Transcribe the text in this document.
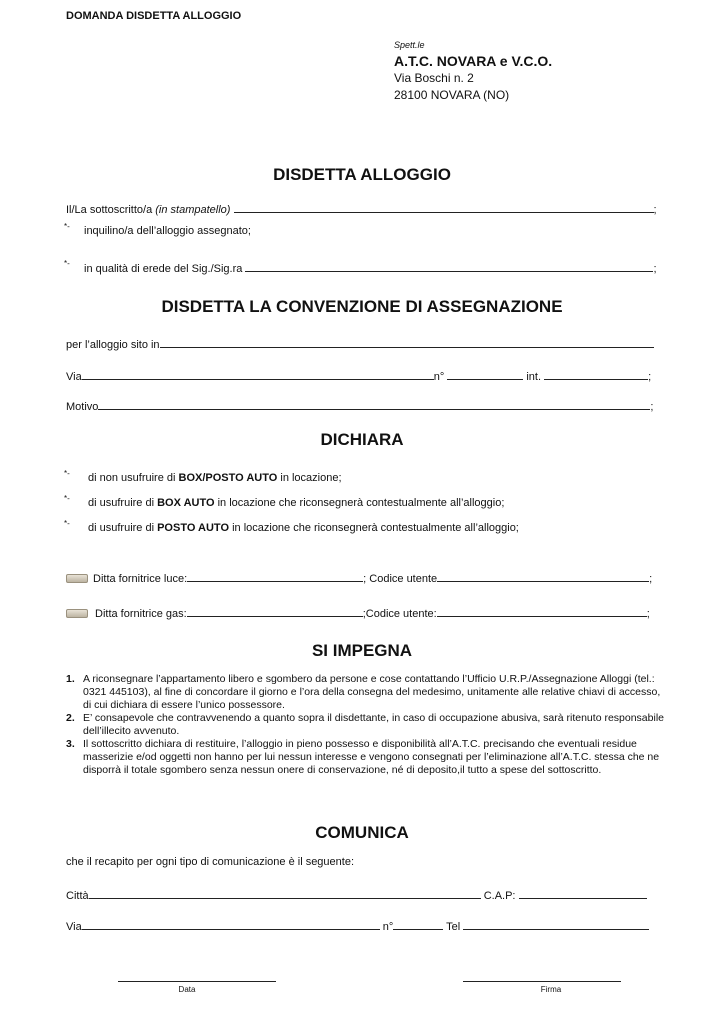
DOMANDA DISDETTA ALLOGGIO
Spett.le
A.T.C. NOVARA e V.C.O.
Via Boschi n. 2
28100 NOVARA (NO)
DISDETTA ALLOGGIO
Il/La sottoscritto/a (in stampatello)	;
*- inquilino/a dell’alloggio assegnato;
*- in qualità di erede del Sig./Sig.ra	;
DISDETTA LA CONVENZIONE DI ASSEGNAZIONE
per l’alloggio sito in
Via	n°	int.	;
Motivo	;
DICHIARA
*- di non usufruire di BOX/POSTO AUTO in locazione;
*- di usufruire di BOX AUTO in locazione che riconsegnerà contestualmente all’alloggio;
*- di usufruire di POSTO AUTO in locazione che riconsegnerà contestualmente all’alloggio;
Ditta fornitrice luce:	; Codice utente	;
Ditta fornitrice gas:	;Codice utente:	;
SI IMPEGNA

1. A riconsegnare l’appartamento libero e sgombero da persone e cose contattando l’Ufficio U.R.P./Assegnazione Alloggi (tel.: 0321 445103), al fine di concordare il giorno e l’ora della consegna del medesimo, unitamente alle relative chiavi di accesso, di cui dichiara di essere l’unico possessore.

2. E’ consapevole che contravvenendo a quanto sopra il disdettante, in caso di occupazione abusiva, sarà ritenuto responsabile dell’illecito avvenuto.

3. Il sottoscritto dichiara di restituire, l’alloggio in pieno possesso e disponibilità all’A.T.C. precisando che eventuali residue masserizie e/od oggetti non hanno per lui nessun interesse e vengono consegnati per l’eliminazione all’A.T.C. stessa che ne disporrà il totale sgombero senza nessun onere di conservazione, né di deposito,il tutto a spese del sottoscritto.

COMUNICA
che il recapito per ogni tipo di comunicazione è il seguente:
Città	C.A.P:
Via	n°	Tel
Data	Firma
